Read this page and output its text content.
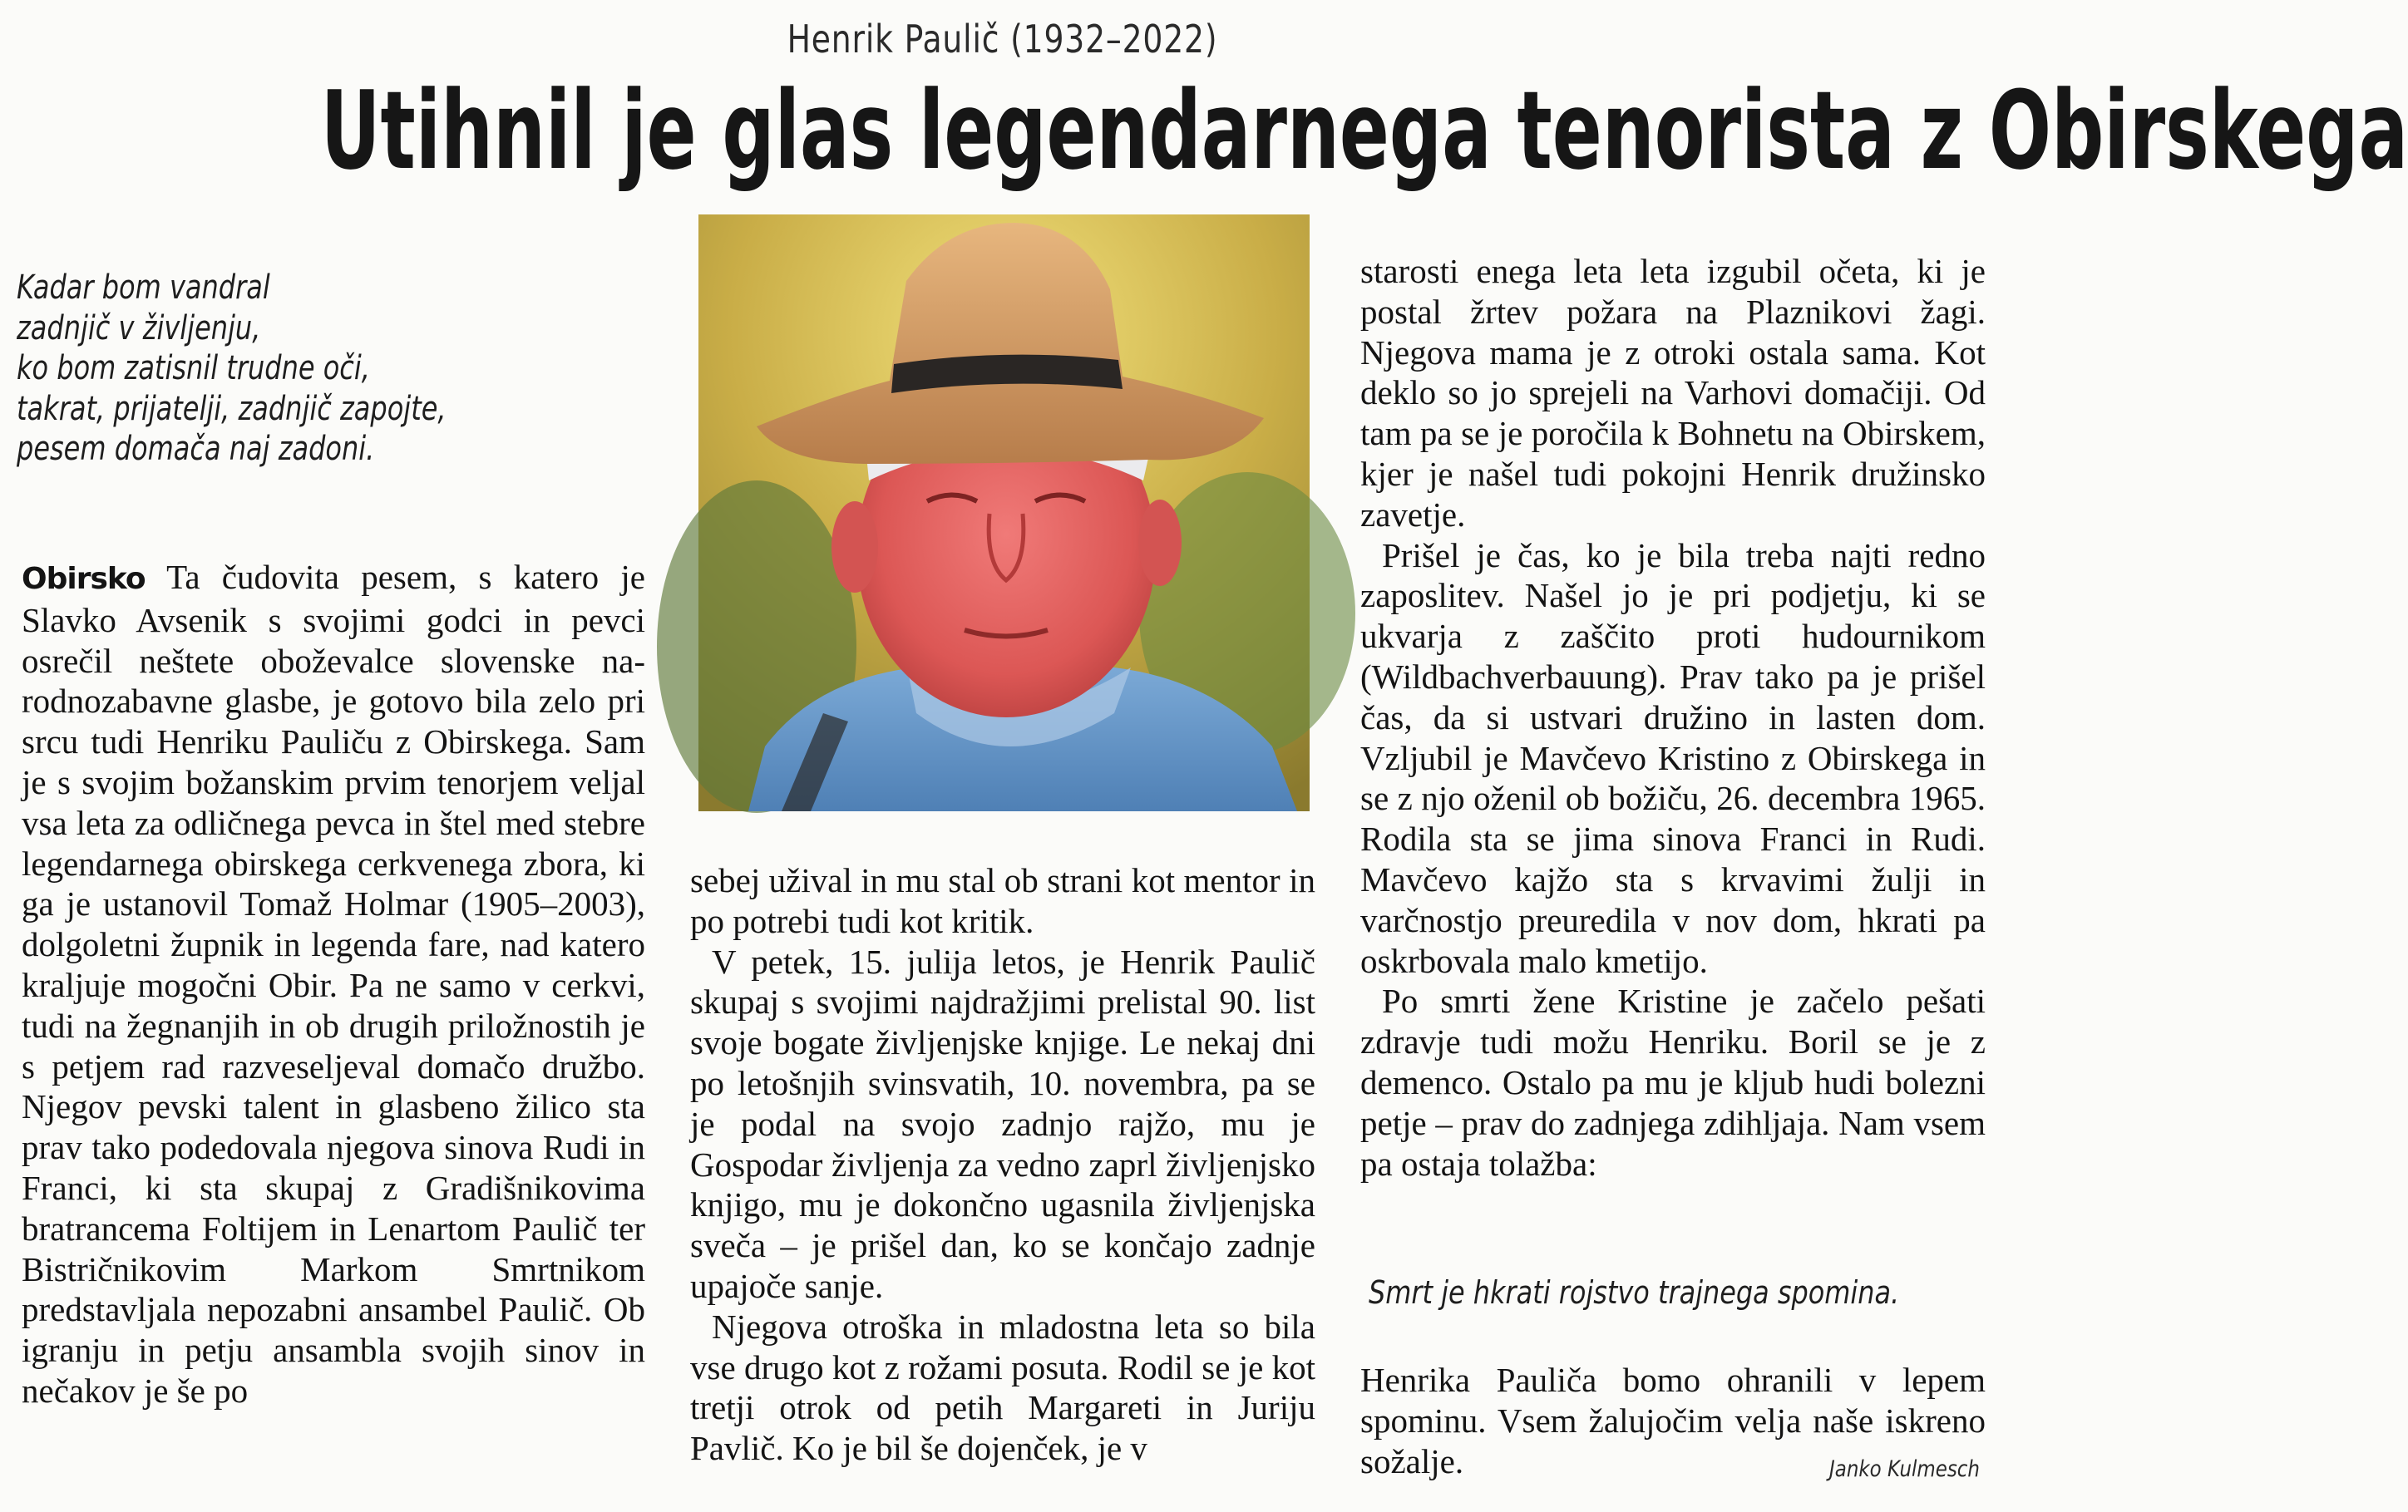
Henrik Paulič (1932–2022)
Utihnil je glas legendarnega tenorista z Obirskega
Kadar bom vandral
zadnjič v življenju,
ko bom zatisnil trudne oči,
takrat, prijatelji, zadnjič zapojte,
pesem domača naj zadoni.

Obirsko Ta čudovita pesem, s katero je Slavko Avsenik s svojimi godci in pevci osrečil neštete oboževalce slovenske narodnozabavne glasbe, je gotovo bila zelo pri srcu tudi Henriku Pauliču z Obirskega. Sam je s svojim božanskim prvim tenorjem veljal vsa leta za odličnega pevca in štel med stebre legendarnega obirskega cerkvenega zbora, ki ga je ustanovil Tomaž Holmar (1905–2003), dolgoletni župnik in legenda fare, nad katero kraljuje mogočni Obir. Pa ne samo v cerkvi, tudi na žegnanjih in ob drugih priložnostih je s petjem rad razveseljeval domačo družbo. Njegov pevski talent in glasbeno žilico sta prav tako podedovala njegova sinova Rudi in Franci, ki sta skupaj z Gradišnikovima bratrancema Foltijem in Lenartom Paulič ter Bistričnikovim Markom Smrtnikom predstavljala nepozabni ansambel Paulič. Ob igranju in petju ansambla svojih sinov in nečakov je še po

sebej užival in mu stal ob strani kot mentor in po potrebi tudi kot kritik.

V petek, 15. julija letos, je Henrik Paulič skupaj s svojimi najdražjimi prelistal 90. list svoje bogate življenjske knjige. Le nekaj dni po letošnjih svinsvatih, 10. novembra, pa se je podal na svojo zadnjo rajžo, mu je Gospodar življenja za vedno zaprl življenjsko knjigo, mu je dokončno ugasnila življenjska sveča – je prišel dan, ko se končajo zadnje upajoče sanje.

Njegova otroška in mladostna leta so bila vse drugo kot z rožami posuta. Rodil se je kot tretji otrok od petih Margareti in Juriju Pavlič. Ko je bil še dojenček, je v

starosti enega leta leta izgubil očeta, ki je postal žrtev požara na Plaznikovi žagi. Njegova mama je z otroki ostala sama. Kot deklo so jo sprejeli na Varhovi domačiji. Od tam pa se je poročila k Bohnetu na Obirskem, kjer je našel tudi pokojni Henrik družinsko zavetje.

Prišel je čas, ko je bila treba najti redno zaposlitev. Našel jo je pri podjetju, ki se ukvarja z zaščito proti hudournikom (Wildbachverbauung). Prav tako pa je prišel čas, da si ustvari družino in lasten dom. Vzljubil je Mavčevo Kristino z Obirskega in se z njo oženil ob božiču, 26. decembra 1965. Rodila sta se jima sinova Franci in Rudi. Mavčevo kajžo sta s krvavimi žulji in varčnostjo preuredila v nov dom, hkrati pa oskrbovala malo kmetijo.

Po smrti žene Kristine je začelo pešati zdravje tudi možu Henriku. Boril se je z demenco. Ostalo pa mu je kljub hudi bolezni petje – prav do zadnjega zdihljaja. Nam vsem pa ostaja tolažba:

Smrt je hkrati rojstvo trajnega spomina.

Henrika Pauliča bomo ohranili v lepem spominu. Vsem žalujočim velja naše iskreno sožalje.	Janko Kulmesch
